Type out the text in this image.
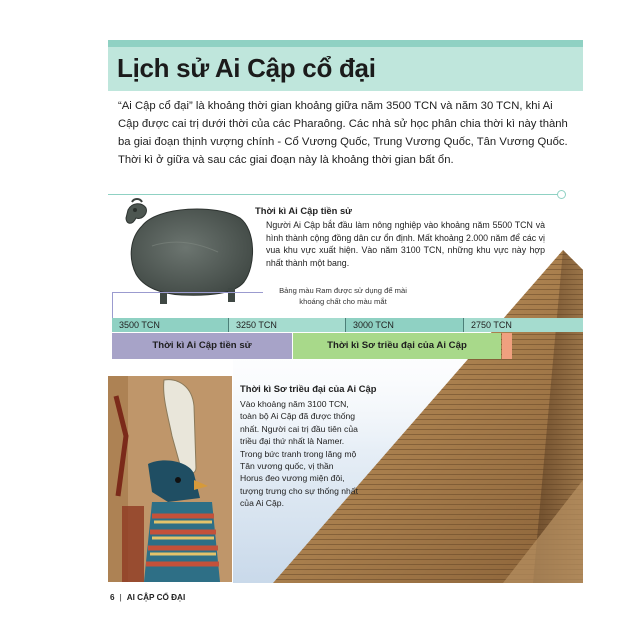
Lịch sử Ai Cập cổ đại

“Ai Cập cổ đại” là khoảng thời gian khoảng giữa năm 3500 TCN và năm 30 TCN, khi Ai Cập được cai trị dưới thời của các Pharaông. Các nhà sử học phân chia thời kì này thành ba giai đoạn thịnh vượng chính - Cổ Vương Quốc, Trung Vương Quốc, Tân Vương Quốc. Thời kì ở giữa và sau các giai đoạn này là khoảng thời gian bất ổn.

Bảng màu Ram được sử dụng để mài khoáng chất cho màu mắt

Thời kì Ai Cập tiền sử

Người Ai Cập bắt đầu làm nông nghiệp vào khoảng năm 5500 TCN và hình thành cộng đồng dân cư ổn định. Mất khoảng 2.000 năm để các vị vua khu vực xuất hiện. Vào năm 3100 TCN, những khu vực này hợp nhất thành một bang.

3500 TCN	3250 TCN	3000 TCN	2750 TCN
Thời kì Ai Cập tiền sử	Thời kì Sơ triều đại của Ai Cập
Thời kì Sơ triều đại của Ai Cập

Vào khoảng năm 3100 TCN, toàn bộ Ai Cập đã được thống nhất. Người cai trị đầu tiên của triều đại thứ nhất là Namer. Trong bức tranh trong lăng mộ Tân vương quốc, vị thần Horus đeo vương miện đôi, tượng trưng cho sự thống nhất của Ai Cập.

6 | AI CẬP CỔ ĐẠI
